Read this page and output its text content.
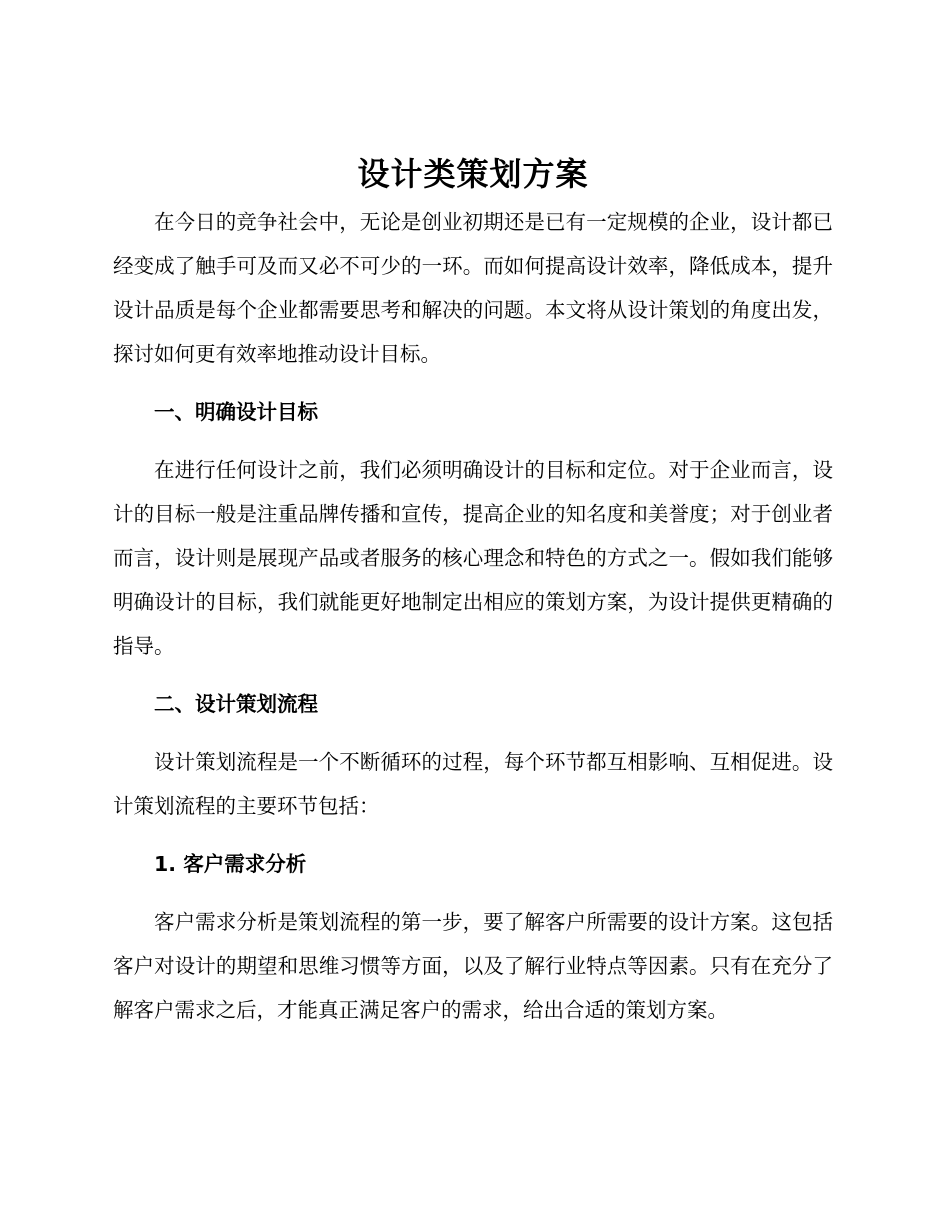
设计类策划方案

在今日的竞争社会中，无论是创业初期还是已有一定规模的企业，设计都已经变成了触手可及而又必不可少的一环。而如何提高设计效率，降低成本，提升设计品质是每个企业都需要思考和解决的问题。本文将从设计策划的角度出发，探讨如何更有效率地推动设计目标。

一、明确设计目标

在进行任何设计之前，我们必须明确设计的目标和定位。对于企业而言，设计的目标一般是注重品牌传播和宣传，提高企业的知名度和美誉度；对于创业者而言，设计则是展现产品或者服务的核心理念和特色的方式之一。假如我们能够明确设计的目标，我们就能更好地制定出相应的策划方案，为设计提供更精确的指导。

二、设计策划流程

设计策划流程是一个不断循环的过程，每个环节都互相影响、互相促进。设计策划流程的主要环节包括：

1. 客户需求分析

客户需求分析是策划流程的第一步，要了解客户所需要的设计方案。这包括客户对设计的期望和思维习惯等方面，以及了解行业特点等因素。只有在充分了解客户需求之后，才能真正满足客户的需求，给出合适的策划方案。
